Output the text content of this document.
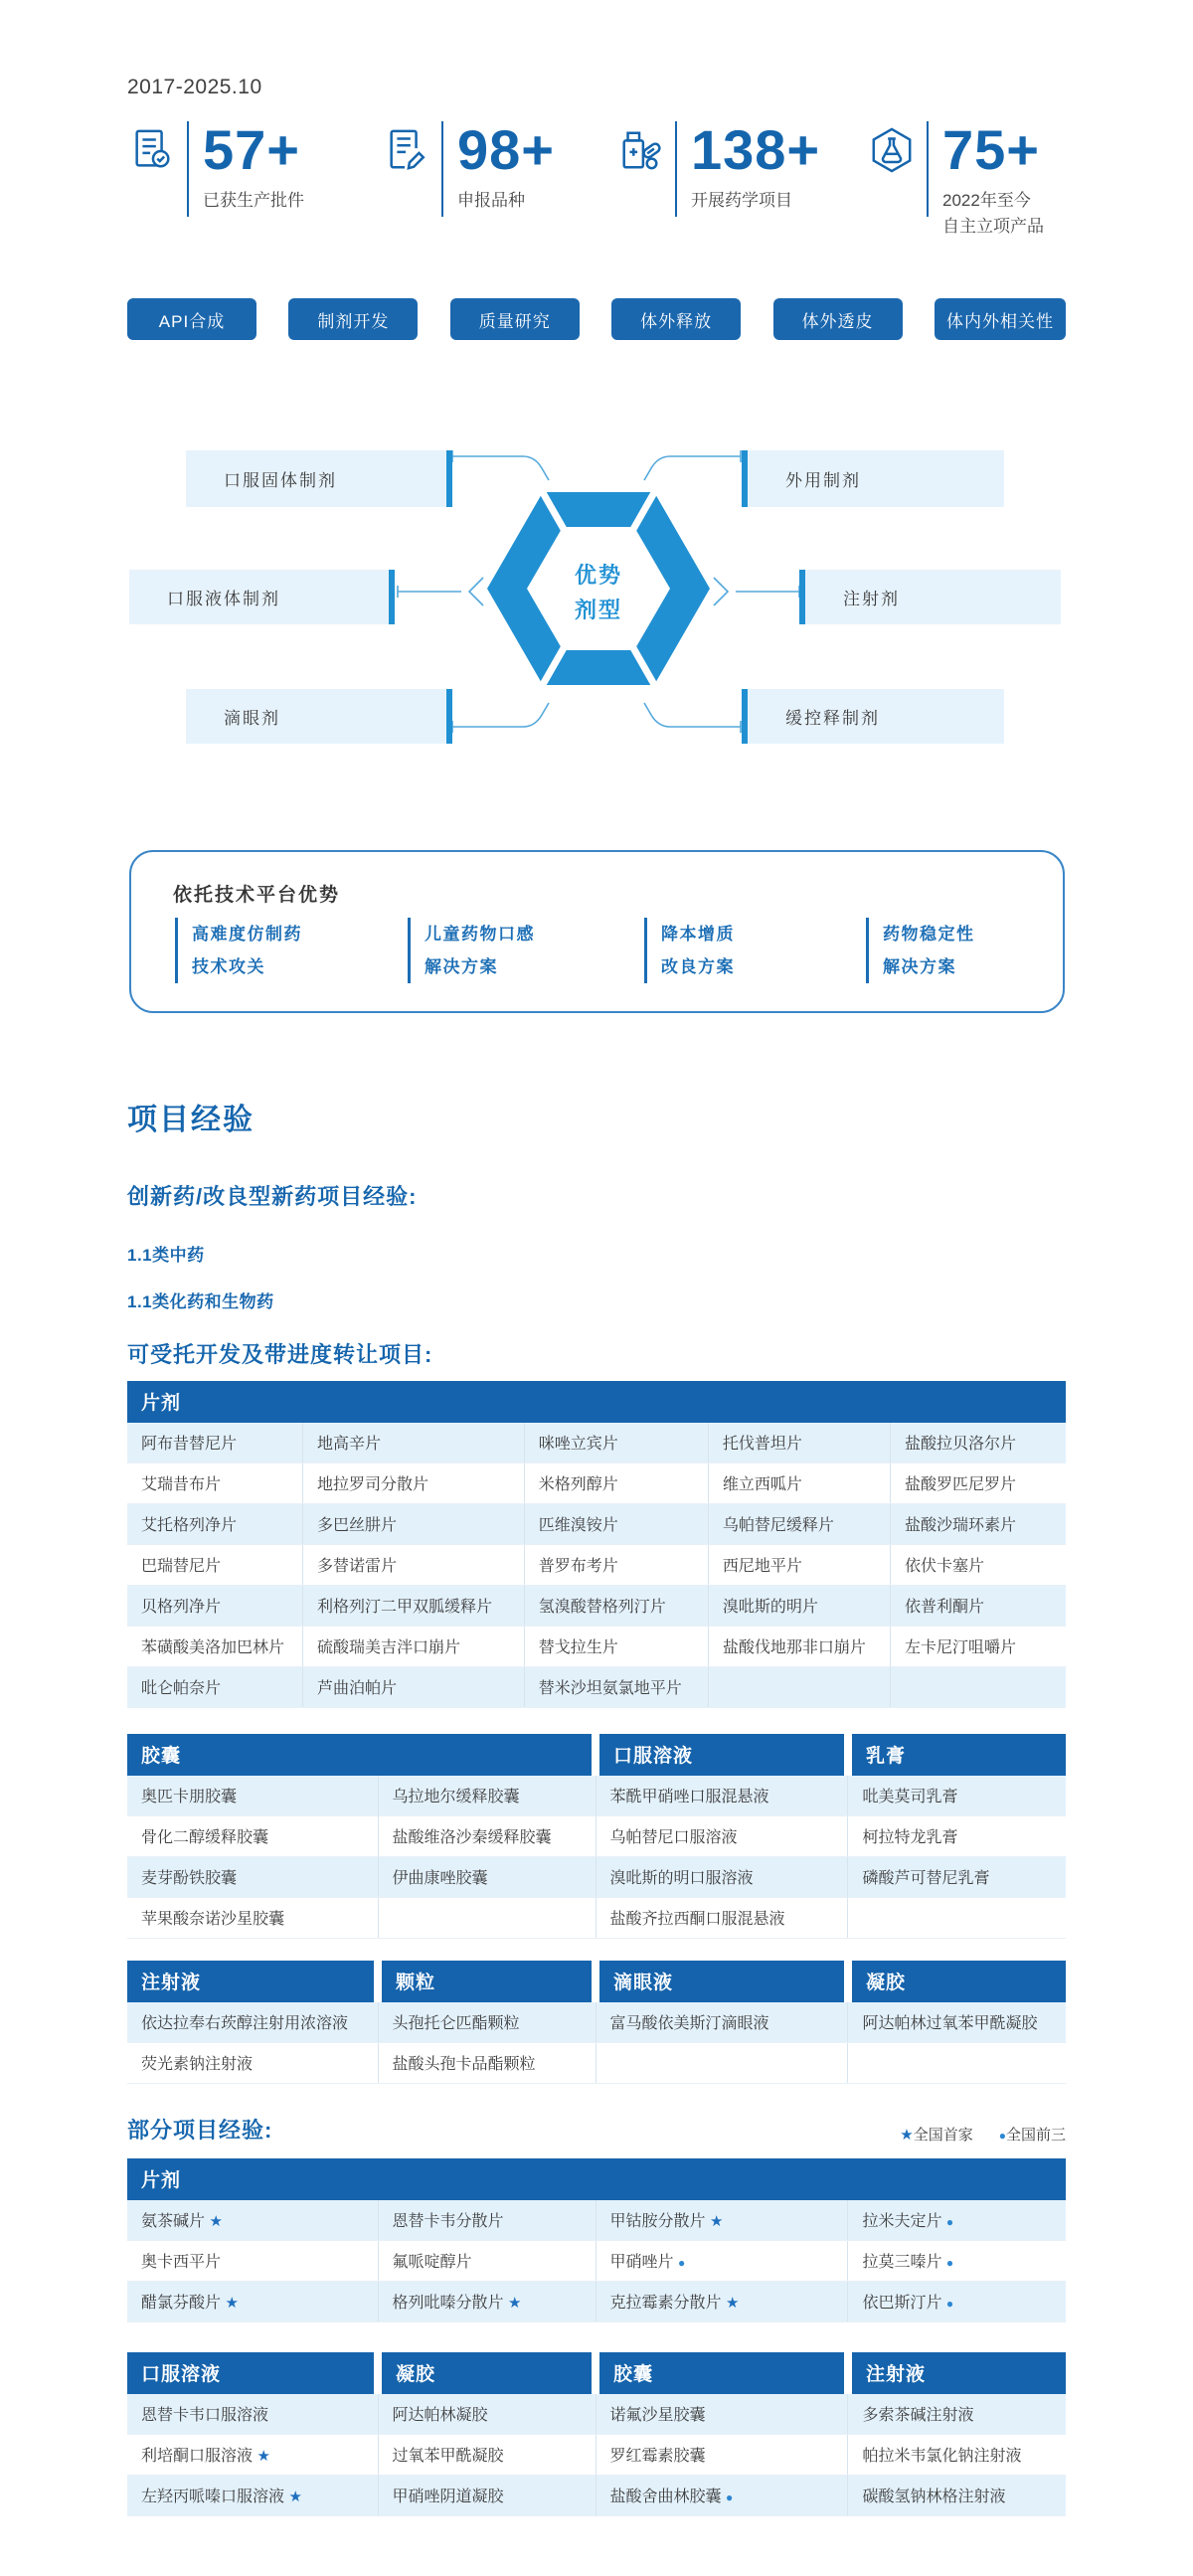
2017-2025.10
57+
已获生产批件
98+
申报品种
138+
开展药学项目
75+
2022年至今
自主立项产品
API合成	制剂开发	质量研究	体外释放	体外透皮	体内外相关性
优势
剂型
口服固体制剂
口服液体制剂
滴眼剂
外用制剂
注射剂
缓控释制剂
依托技术平台优势
高难度仿制药
技术攻关
儿童药物口感
解决方案
降本增质
改良方案
药物稳定性
解决方案
项目经验
创新药/改良型新药项目经验:
1.1类中药
1.1类化药和生物药
可受托开发及带进度转让项目:
片剂				
阿布昔替尼片	地高辛片	咪唑立宾片	托伐普坦片	盐酸拉贝洛尔片
艾瑞昔布片	地拉罗司分散片	米格列醇片	维立西呱片	盐酸罗匹尼罗片
艾托格列净片	多巴丝肼片	匹维溴铵片	乌帕替尼缓释片	盐酸沙瑞环素片
巴瑞替尼片	多替诺雷片	普罗布考片	西尼地平片	依伏卡塞片
贝格列净片	利格列汀二甲双胍缓释片	氢溴酸替格列汀片	溴吡斯的明片	依普利酮片
苯磺酸美洛加巴林片	硫酸瑞美吉泮口崩片	替戈拉生片	盐酸伐地那非口崩片	左卡尼汀咀嚼片
吡仑帕奈片	芦曲泊帕片	替米沙坦氨氯地平片		
胶囊		口服溶液	乳膏
奥匹卡朋胶囊	乌拉地尔缓释胶囊	苯酰甲硝唑口服混悬液	吡美莫司乳膏
骨化二醇缓释胶囊	盐酸维洛沙秦缓释胶囊	乌帕替尼口服溶液	柯拉特龙乳膏
麦芽酚铁胶囊	伊曲康唑胶囊	溴吡斯的明口服溶液	磷酸芦可替尼乳膏
苹果酸奈诺沙星胶囊		盐酸齐拉西酮口服混悬液	
注射液	颗粒	滴眼液	凝胶
依达拉奉右莰醇注射用浓溶液	头孢托仑匹酯颗粒	富马酸依美斯汀滴眼液	阿达帕林过氧苯甲酰凝胶
荧光素钠注射液	盐酸头孢卡品酯颗粒		
部分项目经验:	★全国首家 ●全国前三
片剂			
氨茶碱片 ★	恩替卡韦分散片	甲钴胺分散片 ★	拉米夫定片 ●
奥卡西平片	氟哌啶醇片	甲硝唑片 ●	拉莫三嗪片 ●
醋氯芬酸片 ★	格列吡嗪分散片 ★	克拉霉素分散片 ★	依巴斯汀片 ●
口服溶液	凝胶	胶囊	注射液
恩替卡韦口服溶液	阿达帕林凝胶	诺氟沙星胶囊	多索茶碱注射液
利培酮口服溶液 ★	过氧苯甲酰凝胶	罗红霉素胶囊	帕拉米韦氯化钠注射液
左羟丙哌嗪口服溶液 ★	甲硝唑阴道凝胶	盐酸舍曲林胶囊 ●	碳酸氢钠林格注射液
